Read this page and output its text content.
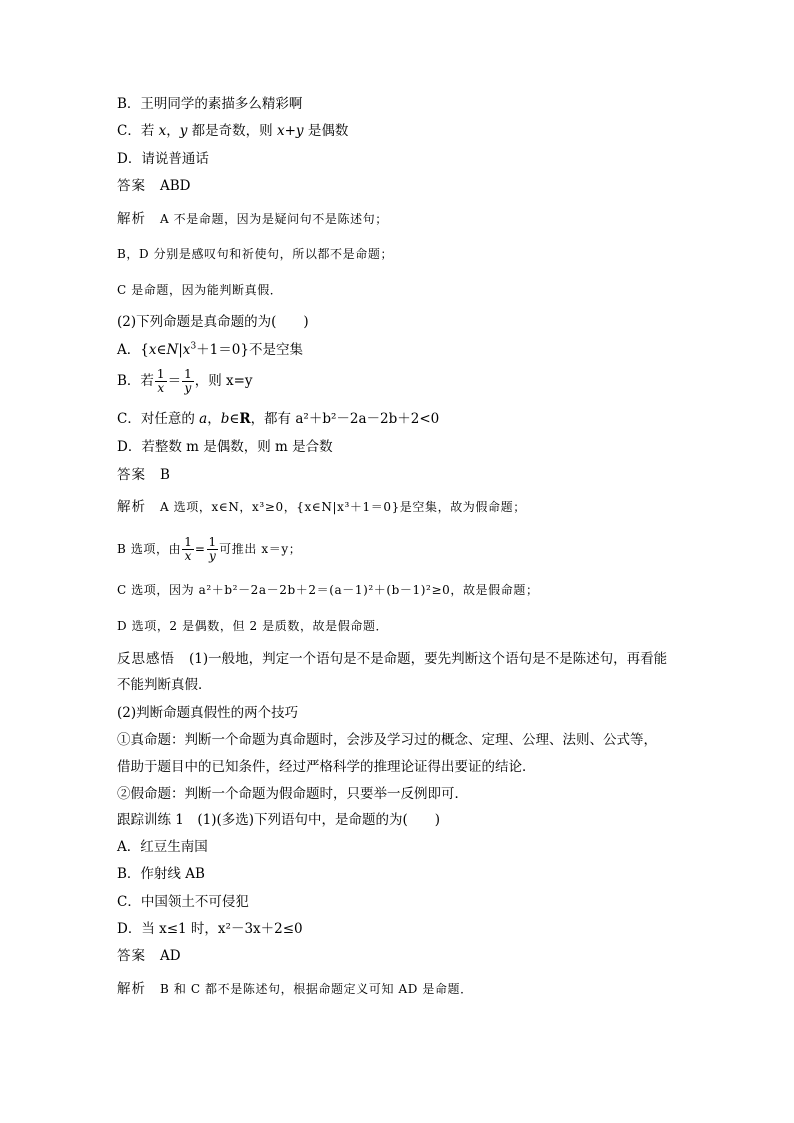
B．王明同学的素描多么精彩啊
C．若 x，y 都是奇数，则 x+y 是偶数
D．请说普通话
答案 ABD
解析 A 不是命题，因为是疑问句不是陈述句；
B，D 分别是感叹句和祈使句，所以都不是命题；
C 是命题，因为能判断真假．
(2)下列命题是真命题的为(　　)
A．$\{x\in N|x^3+1=0\}$不是空集
B．若 $\frac{1}{x} = \frac{1}{y}$ ，则 x=y
C．对任意的 a，b∈R，都有 a²＋b²－2a－2b＋2<0
D．若整数 m 是偶数，则 m 是合数
答案 B
解析 A 选项，x∈N，x³≥0，{x∈N|x³＋1＝0}是空集，故为假命题；
B 选项，由 $\frac{1}{x} = \frac{1}{y}$ 可推出 x＝y；
C 选项，因为 a²＋b²－2a－2b＋2＝(a－1)²＋(b－1)²≥0，故是假命题；
D 选项，2 是偶数，但 2 是质数，故是假命题．
反思感悟 (1)一般地，判定一个语句是不是命题，要先判断这个语句是不是陈述句，再看能
不能判断真假．
(2)判断命题真假性的两个技巧
①真命题：判断一个命题为真命题时，会涉及学习过的概念、定理、公理、法则、公式等，
借助于题目中的已知条件，经过严格科学的推理论证得出要证的结论．
②假命题：判断一个命题为假命题时，只要举一反例即可．
跟踪训练 1　(1)(多选)下列语句中，是命题的为(　　)
A．红豆生南国
B．作射线 AB
C．中国领土不可侵犯
D．当 x≤1 时，x²－3x＋2≤0
答案 AD
解析 B 和 C 都不是陈述句，根据命题定义可知 AD 是命题．
